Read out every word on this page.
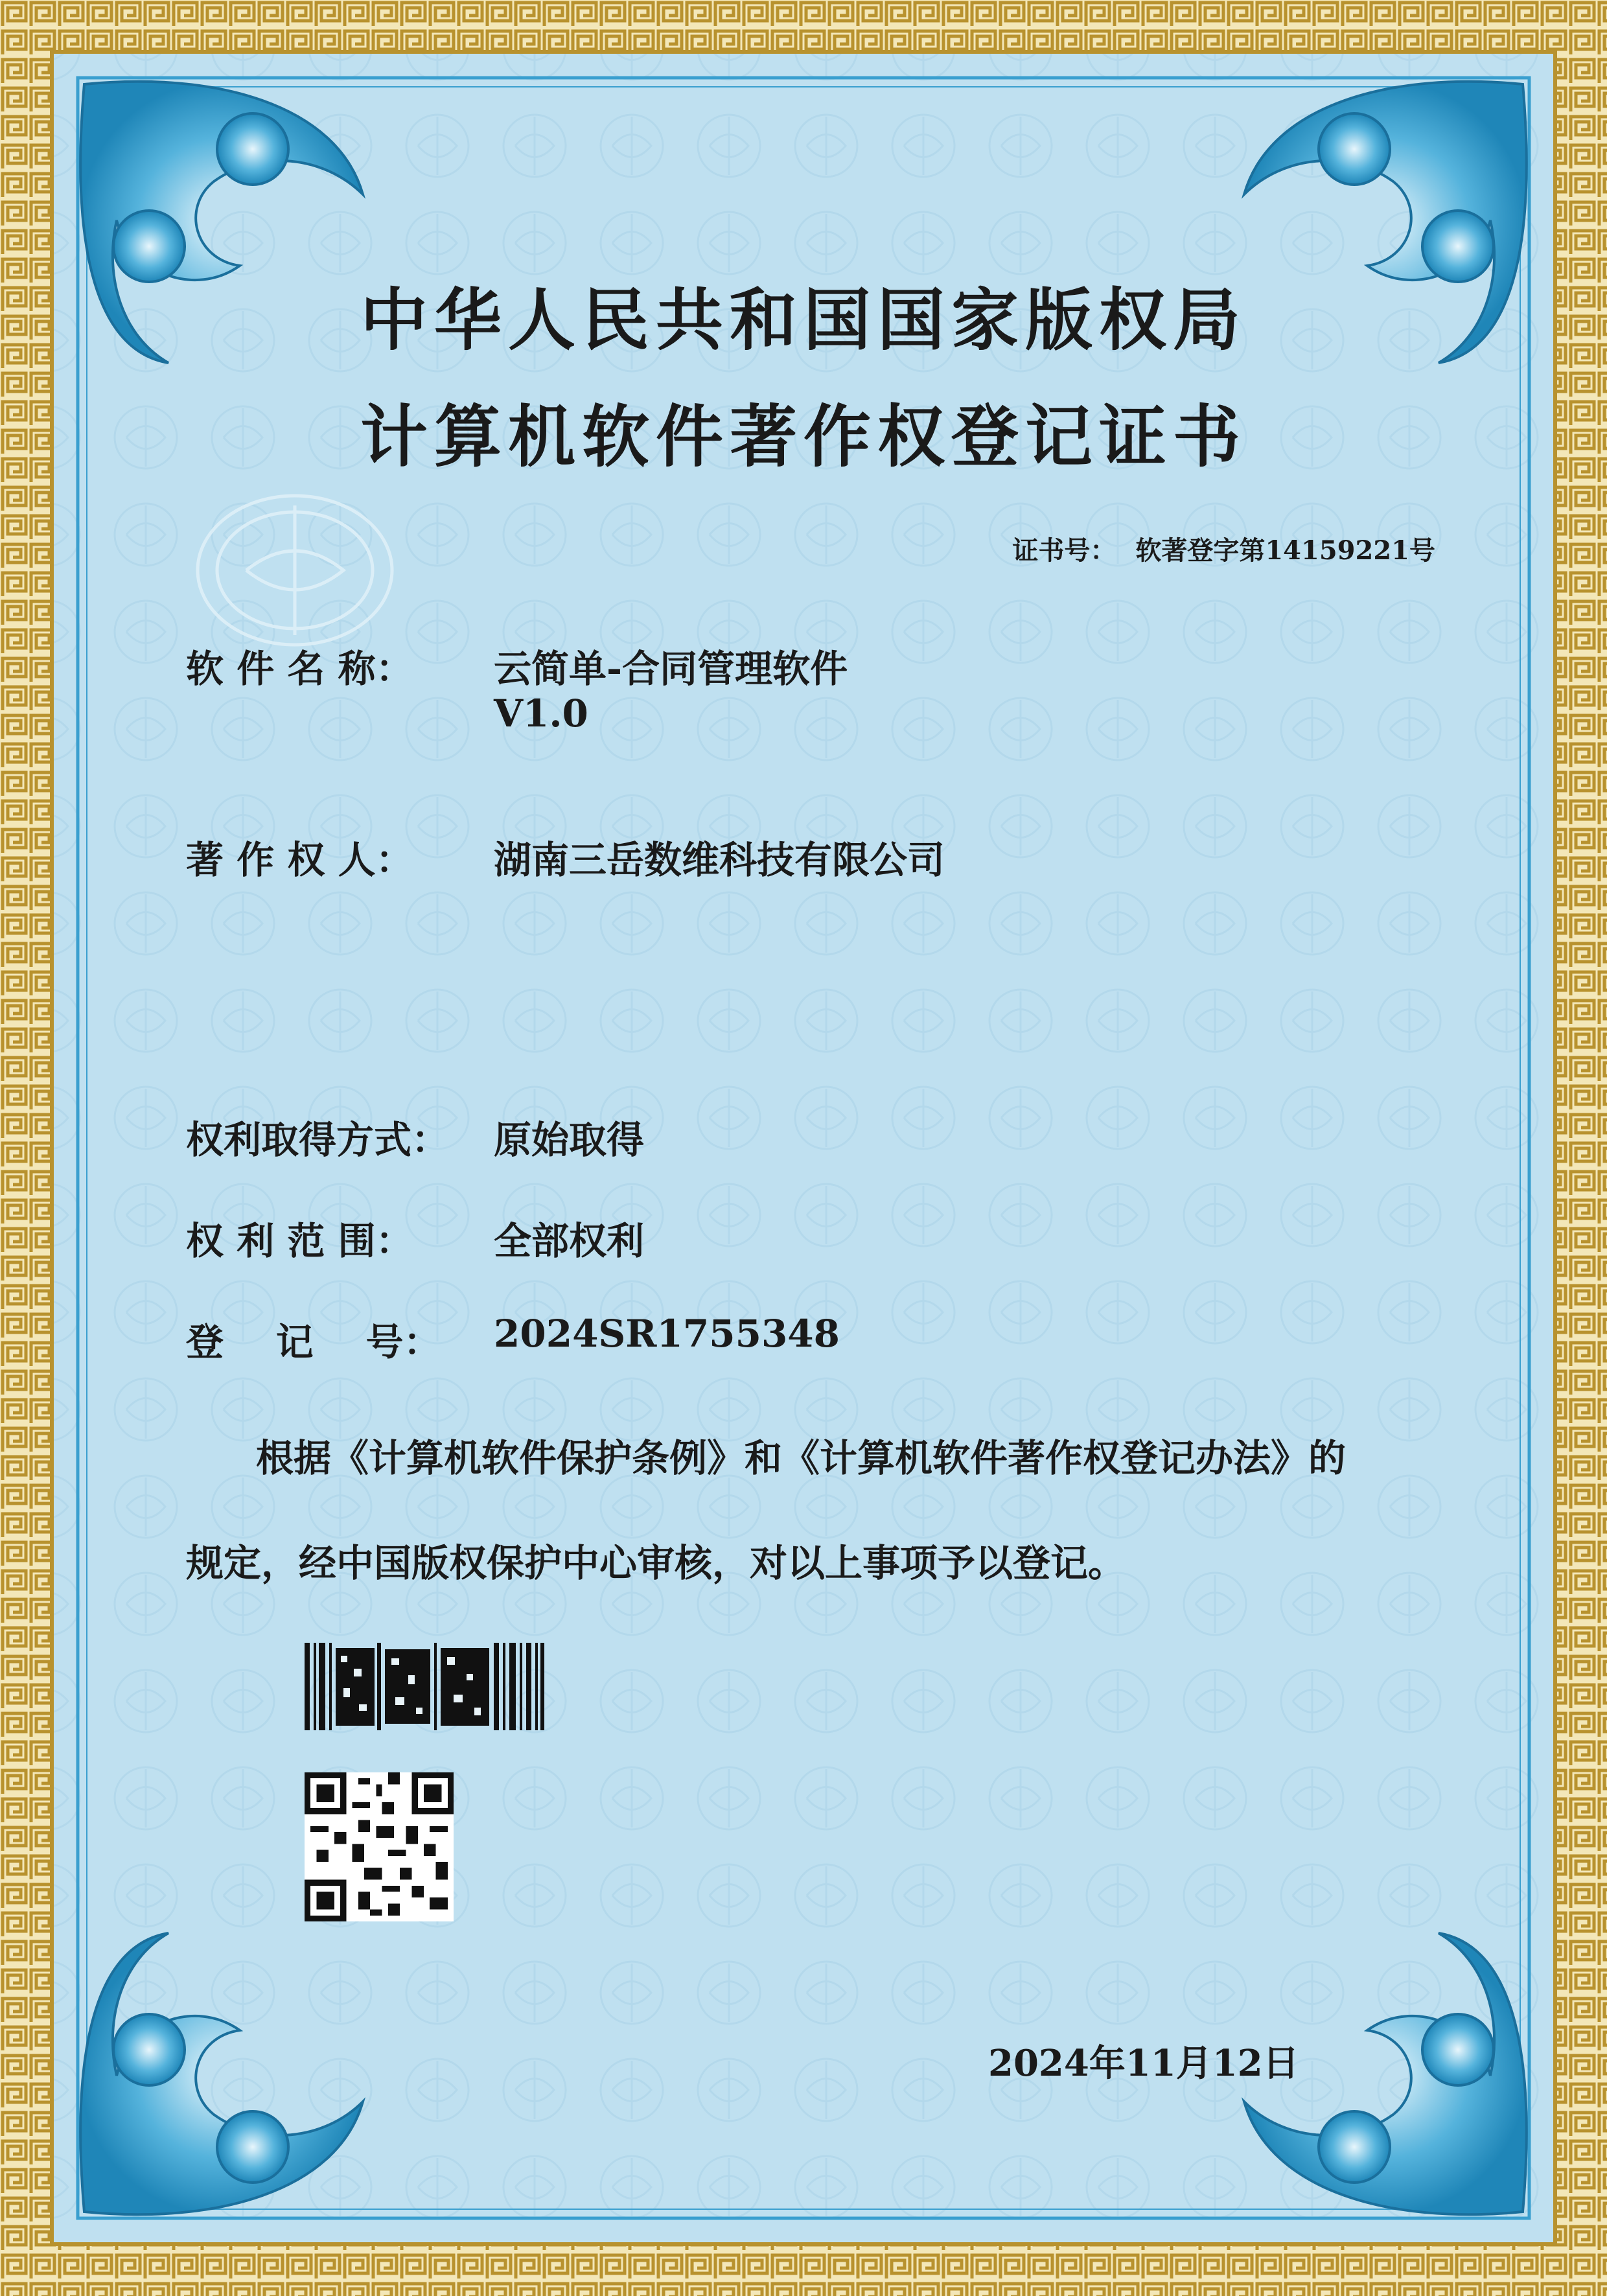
中华人民共和国国家版权局
计算机软件著作权登记证书
证书号： 软著登字第14159221号
软 件 名 称：	云简单-合同管理软件
V1.0
著 作 权 人：	湖南三岳数维科技有限公司
权利取得方式：	原始取得
权 利 范 围：	全部权利
登    记    号：	2024SR1755348
根据《计算机软件保护条例》和《计算机软件著作权登记办法》的
规定，经中国版权保护中心审核，对以上事项予以登记。
2024年11月12日
